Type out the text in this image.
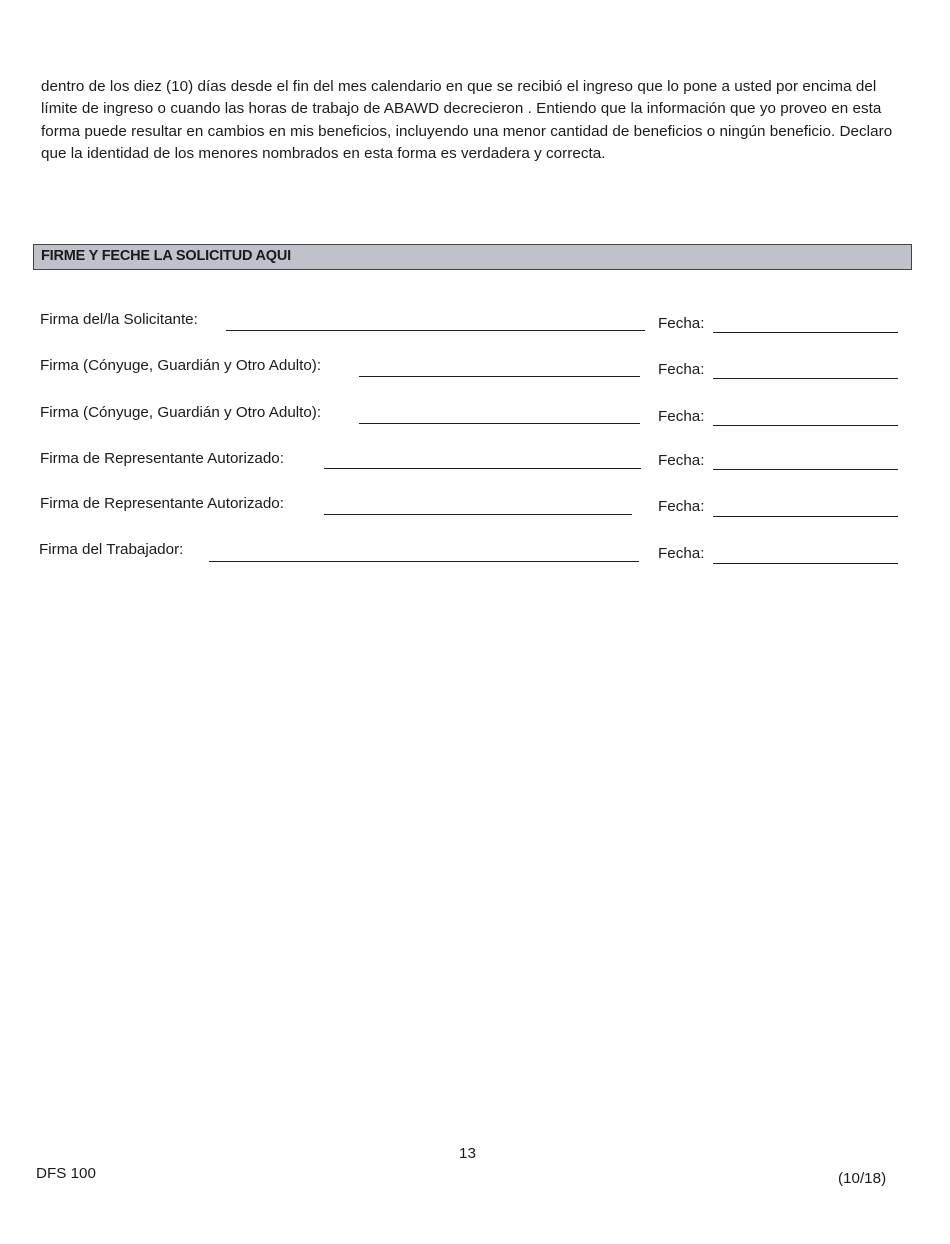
dentro de los diez (10) días desde el fin del mes calendario en que se recibió el ingreso que lo pone a usted por encima del límite de ingreso o cuando las horas de trabajo de ABAWD decrecieron . Entiendo que la información que yo proveo en esta forma puede resultar en cambios en mis beneficios, incluyendo una menor cantidad de beneficios o ningún beneficio. Declaro que la identidad de los menores nombrados en esta forma es verdadera y correcta.

FIRME Y FECHE LA SOLICITUD AQUI
Firma del/la Solicitante:	Fecha:
Firma (Cónyuge, Guardián y Otro Adulto):	Fecha:
Firma (Cónyuge, Guardián y Otro Adulto):	Fecha:
Firma de Representante Autorizado:	Fecha:
Firma de Representante Autorizado:	Fecha:
Firma del Trabajador:	Fecha:
13
DFS 100	(10/18)
